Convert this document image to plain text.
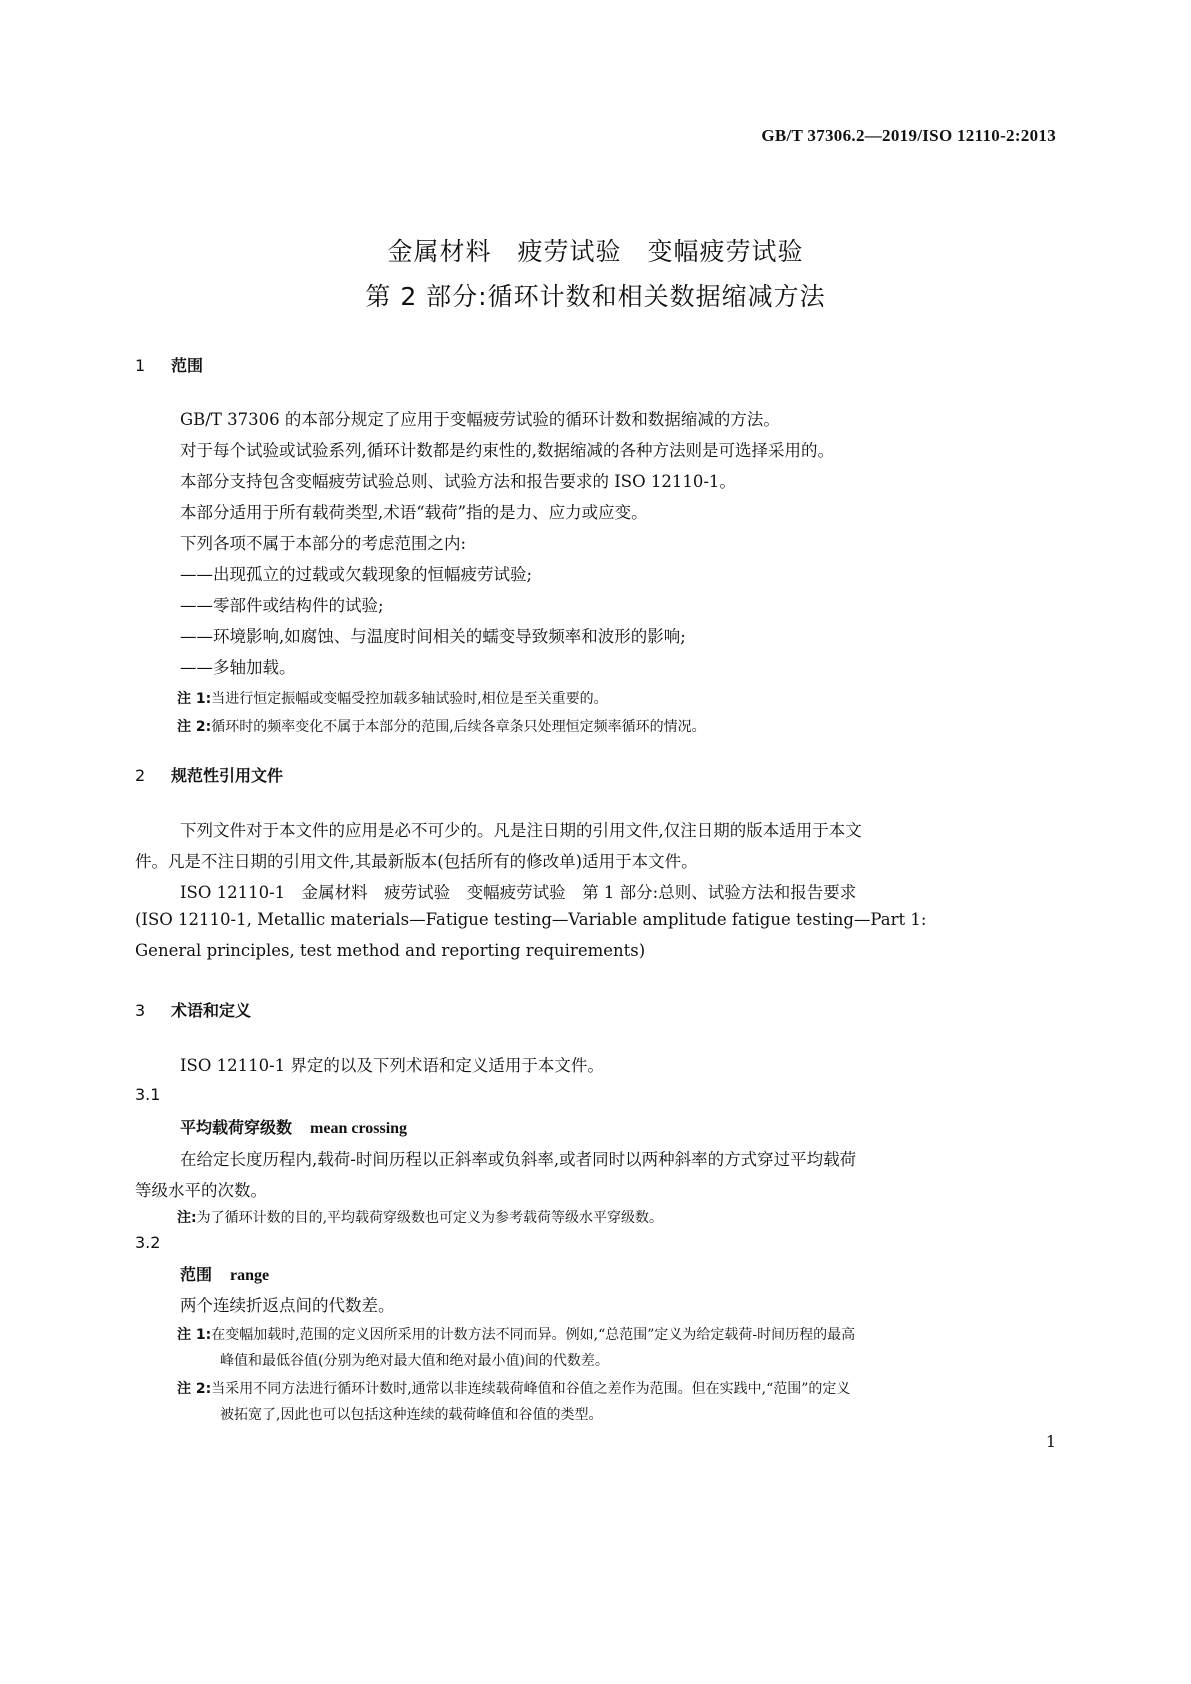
GB/T 37306.2—2019/ISO 12110-2:2013
金属材料　疲劳试验　变幅疲劳试验
第 2 部分:循环计数和相关数据缩减方法
1 范围
GB/T 37306 的本部分规定了应用于变幅疲劳试验的循环计数和数据缩减的方法。
对于每个试验或试验系列,循环计数都是约束性的,数据缩减的各种方法则是可选择采用的。
本部分支持包含变幅疲劳试验总则、试验方法和报告要求的 ISO 12110-1。
本部分适用于所有载荷类型,术语“载荷”指的是力、应力或应变。
下列各项不属于本部分的考虑范围之内:
——出现孤立的过载或欠载现象的恒幅疲劳试验;
——零部件或结构件的试验;
——环境影响,如腐蚀、与温度时间相关的蠕变导致频率和波形的影响;
——多轴加载。
注 1:当进行恒定振幅或变幅受控加载多轴试验时,相位是至关重要的。
注 2:循环时的频率变化不属于本部分的范围,后续各章条只处理恒定频率循环的情况。
2 规范性引用文件
下列文件对于本文件的应用是必不可少的。凡是注日期的引用文件,仅注日期的版本适用于本文
件。凡是不注日期的引用文件,其最新版本(包括所有的修改单)适用于本文件。
ISO 12110-1　金属材料　疲劳试验　变幅疲劳试验　第 1 部分:总则、试验方法和报告要求
(ISO 12110-1, Metallic materials—Fatigue testing—Variable amplitude fatigue testing—Part 1:
General principles, test method and reporting requirements)
3 术语和定义
ISO 12110-1 界定的以及下列术语和定义适用于本文件。
3.1
平均载荷穿级数 mean crossing
在给定长度历程内,载荷-时间历程以正斜率或负斜率,或者同时以两种斜率的方式穿过平均载荷
等级水平的次数。
注:为了循环计数的目的,平均载荷穿级数也可定义为参考载荷等级水平穿级数。
3.2
范围 range
两个连续折返点间的代数差。
注 1:在变幅加载时,范围的定义因所采用的计数方法不同而异。例如,“总范围”定义为给定载荷-时间历程的最高
峰值和最低谷值(分别为绝对最大值和绝对最小值)间的代数差。
注 2:当采用不同方法进行循环计数时,通常以非连续载荷峰值和谷值之差作为范围。但在实践中,“范围”的定义
被拓宽了,因此也可以包括这种连续的载荷峰值和谷值的类型。
1
